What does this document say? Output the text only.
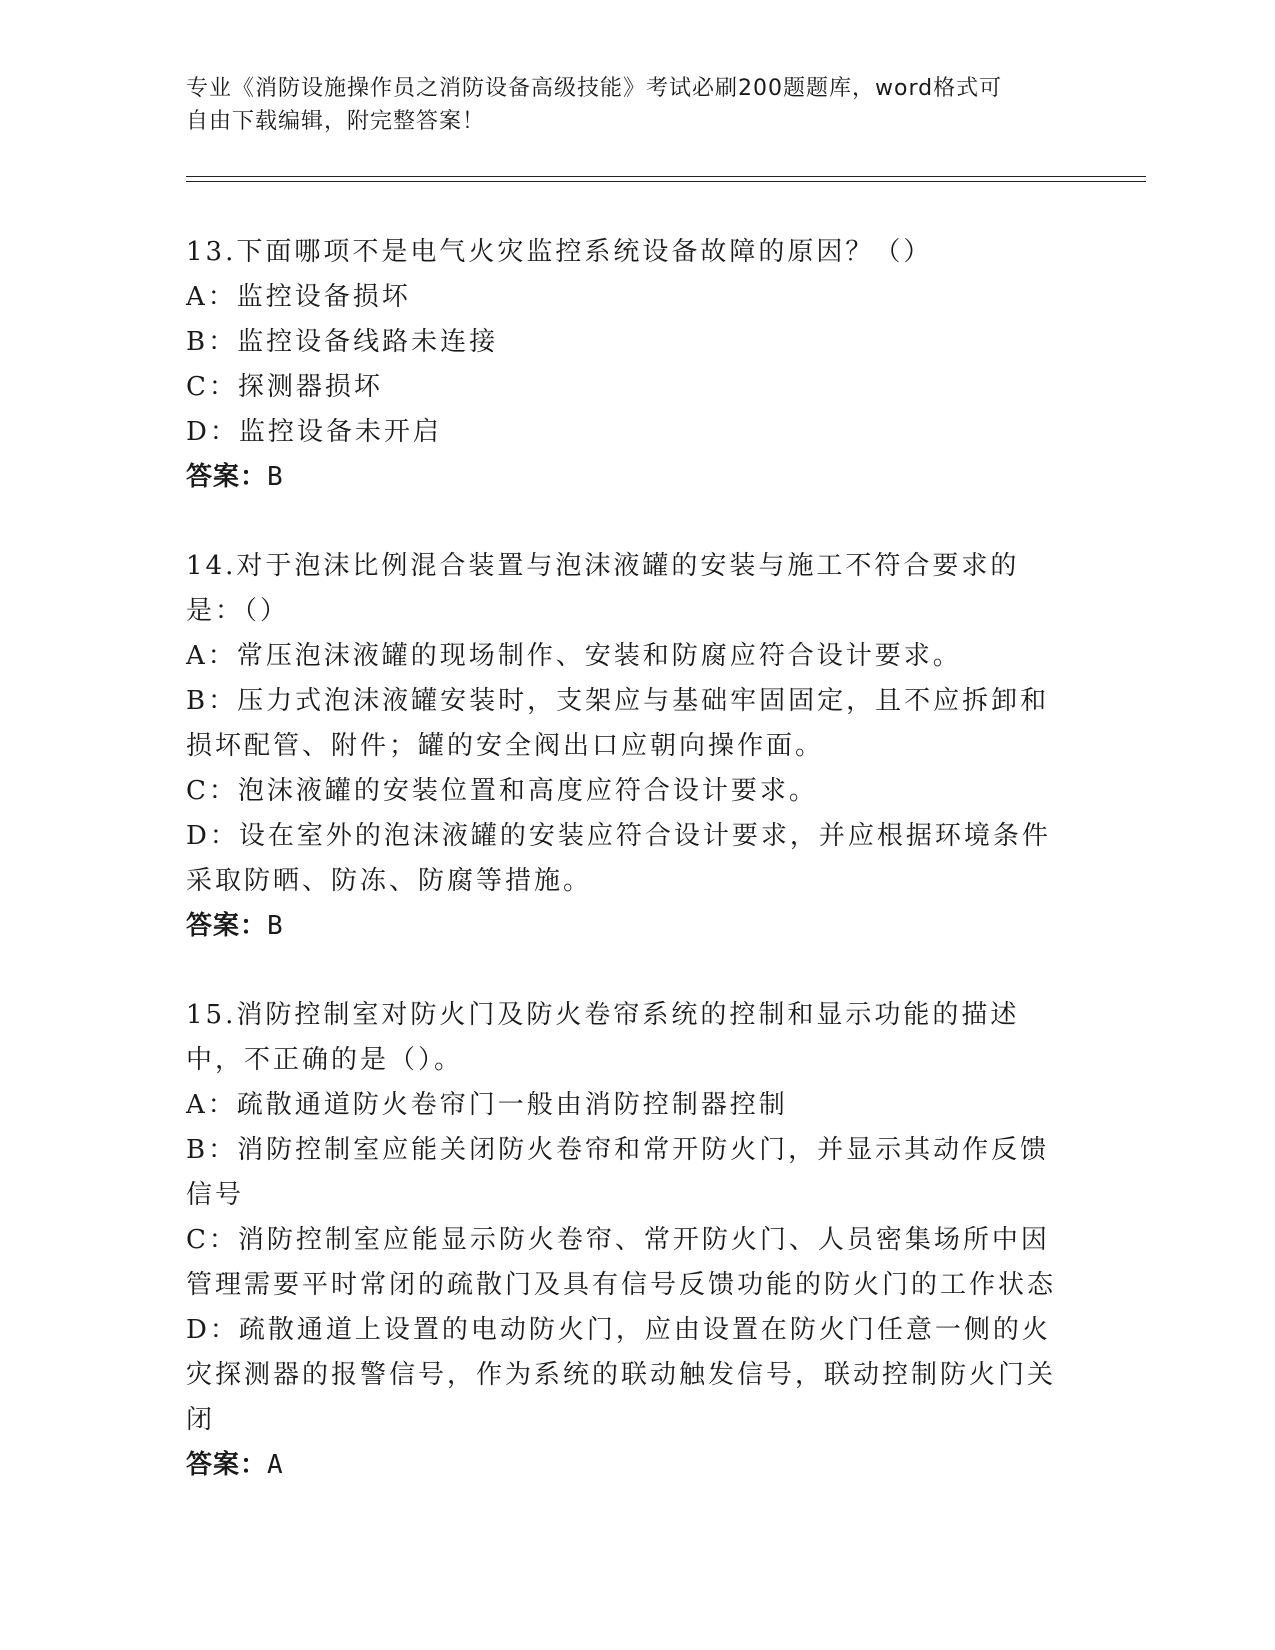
专业《消防设施操作员之消防设备高级技能》考试必刷200题题库，word格式可
自由下载编辑，附完整答案！

13.下面哪项不是电气火灾监控系统设备故障的原因？（）

A：监控设备损坏

B：监控设备线路未连接

C：探测器损坏

D：监控设备未开启

答案：B

14.对于泡沫比例混合装置与泡沫液罐的安装与施工不符合要求的是：（）

A：常压泡沫液罐的现场制作、安装和防腐应符合设计要求。

B：压力式泡沫液罐安装时，支架应与基础牢固固定，且不应拆卸和损坏配管、附件；罐的安全阀出口应朝向操作面。

C：泡沫液罐的安装位置和高度应符合设计要求。

D：设在室外的泡沫液罐的安装应符合设计要求，并应根据环境条件采取防晒、防冻、防腐等措施。

答案：B

15.消防控制室对防火门及防火卷帘系统的控制和显示功能的描述中，不正确的是（）。

A：疏散通道防火卷帘门一般由消防控制器控制

B：消防控制室应能关闭防火卷帘和常开防火门，并显示其动作反馈信号

C：消防控制室应能显示防火卷帘、常开防火门、人员密集场所中因管理需要平时常闭的疏散门及具有信号反馈功能的防火门的工作状态

D：疏散通道上设置的电动防火门，应由设置在防火门任意一侧的火灾探测器的报警信号，作为系统的联动触发信号，联动控制防火门关闭

答案：A
